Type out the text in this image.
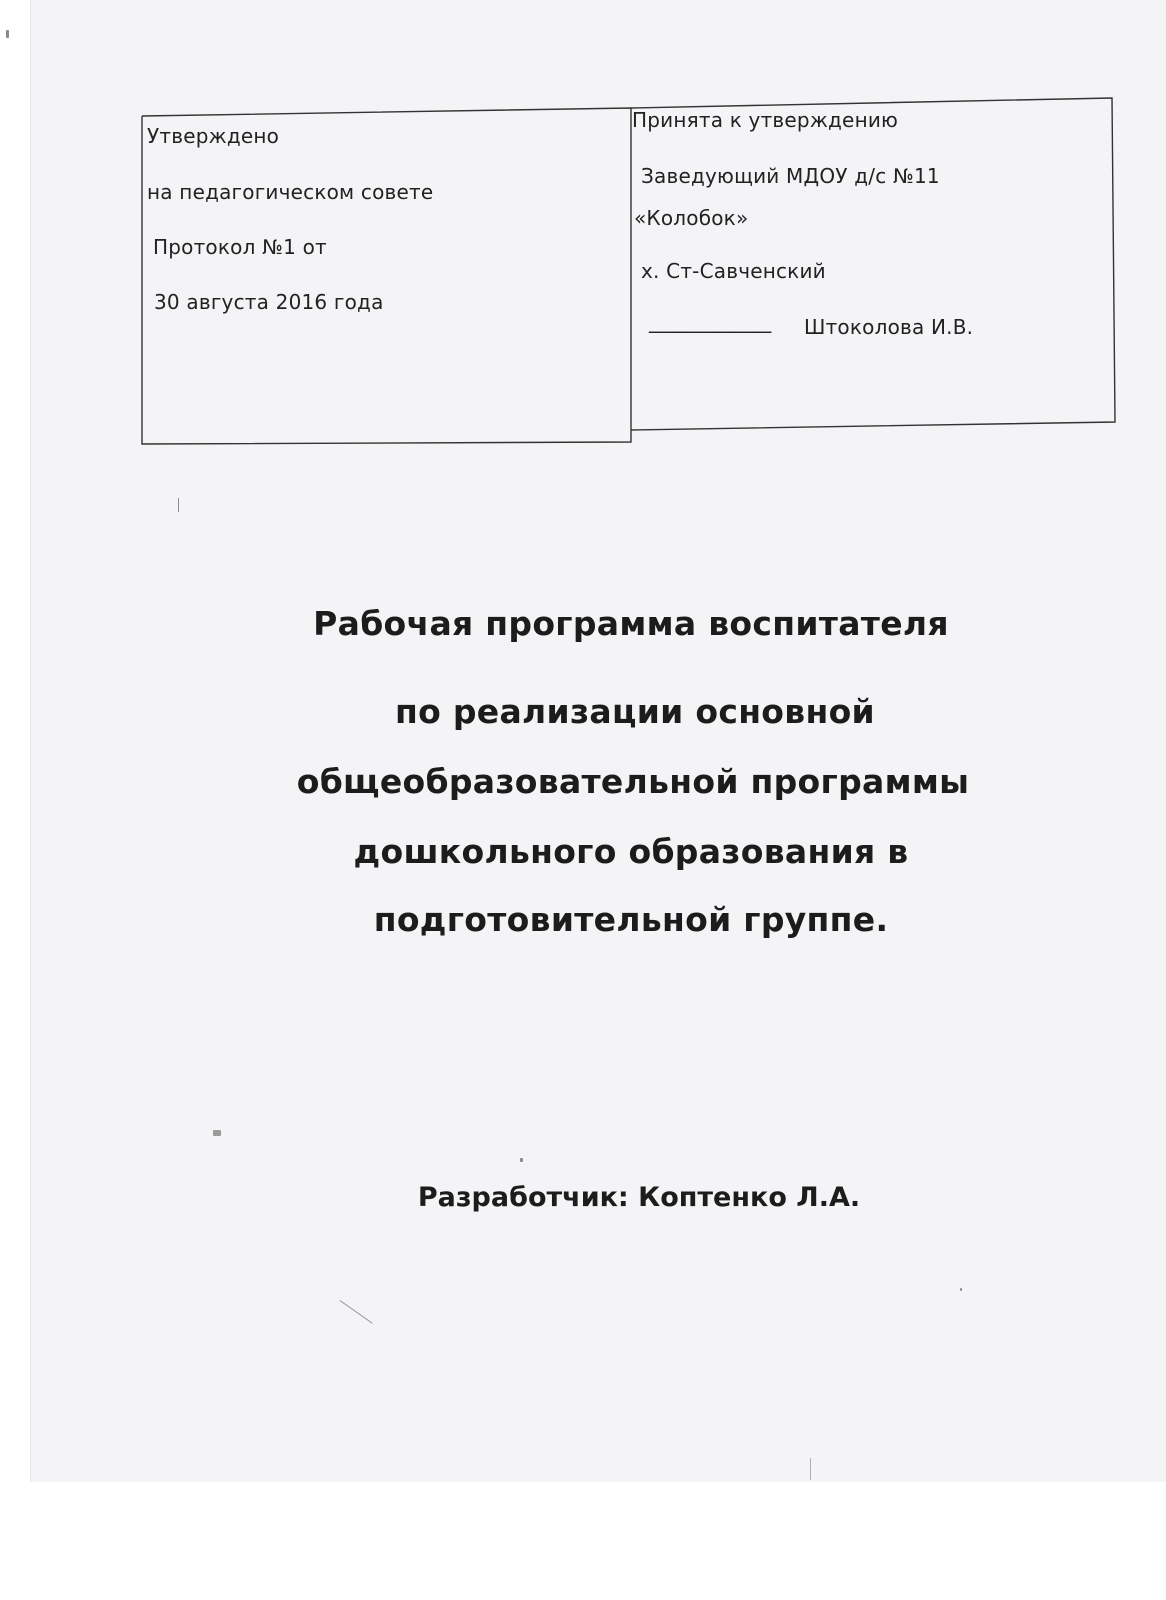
Утверждено
на педагогическом совете
Протокол №1 от
30 августа 2016 года
Принята к утверждению
Заведующий МДОУ д/с №11
«Колобок»
х. Ст-Савченский
____________ Штоколова И.В.
Рабочая программа воспитателя
по реализации основной
общеобразовательной программы
дошкольного образования в
подготовительной группе.
Разработчик: Коптенко Л.А.
